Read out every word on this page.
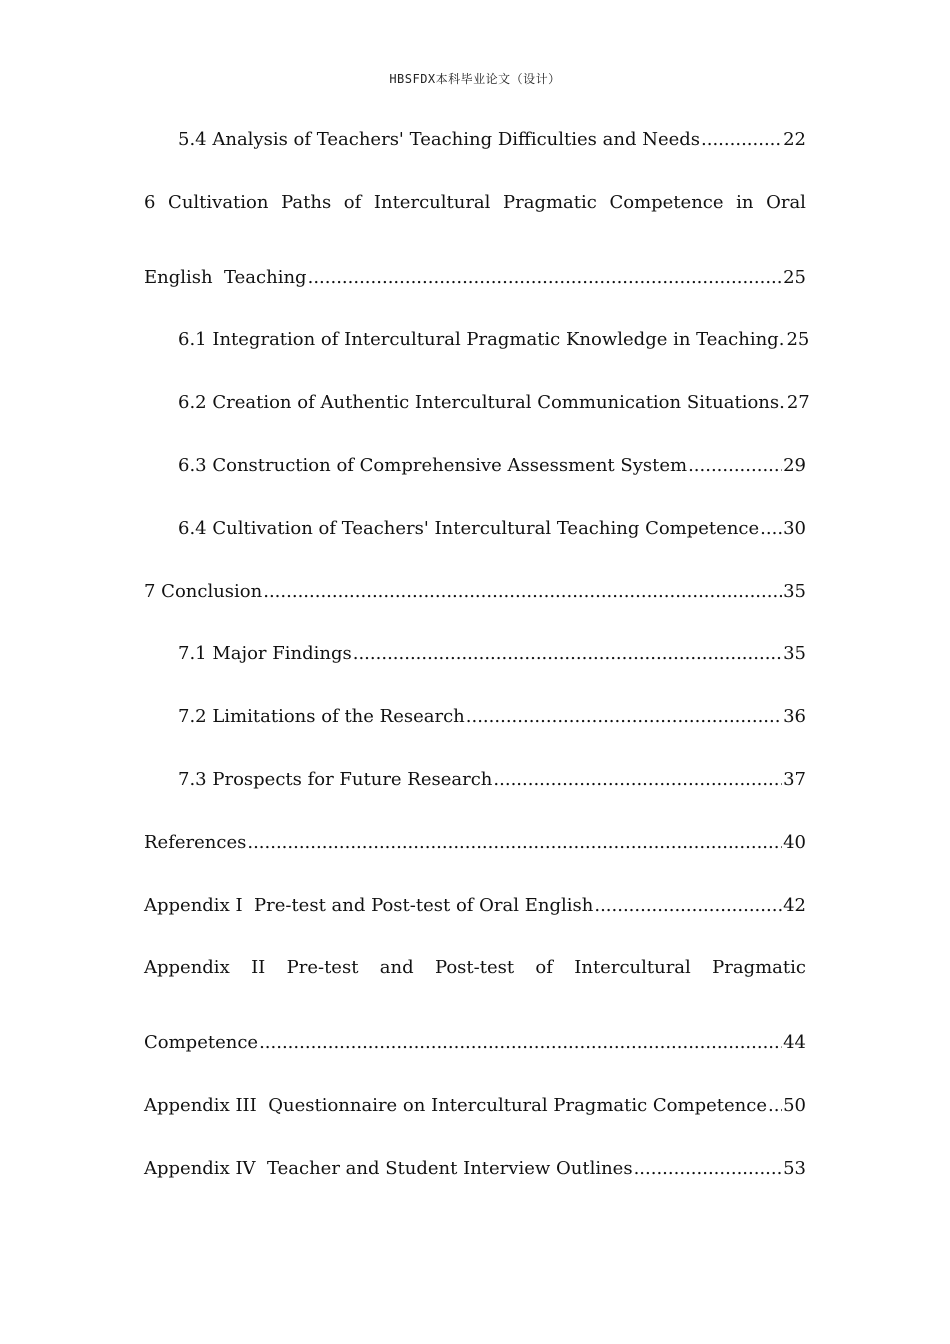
HBSFDX本科毕业论文（设计）
5.4 Analysis of Teachers' Teaching Difficulties and Needs .....	22
6 Cultivation Paths of Intercultural Pragmatic Competence in Oral
English  Teaching .....	25
6.1 Integration of Intercultural Pragmatic Knowledge in Teaching. 25
6.2 Creation of Authentic Intercultural Communication Situations. 27
6.3 Construction of Comprehensive Assessment System .....	29
6.4 Cultivation of Teachers' Intercultural Teaching Competence ..... 30
7 Conclusion .....	35
7.1 Major Findings .....	35
7.2 Limitations of the Research .....	36
7.3 Prospects for Future Research .....	37
References .....	40
Appendix I  Pre-test and Post-test of Oral English .....	42
Appendix II Pre-test and Post-test of Intercultural Pragmatic
Competence .....	44
Appendix III  Questionnaire on Intercultural Pragmatic Competence ..... 50
Appendix IV  Teacher and Student Interview Outlines .....	53
